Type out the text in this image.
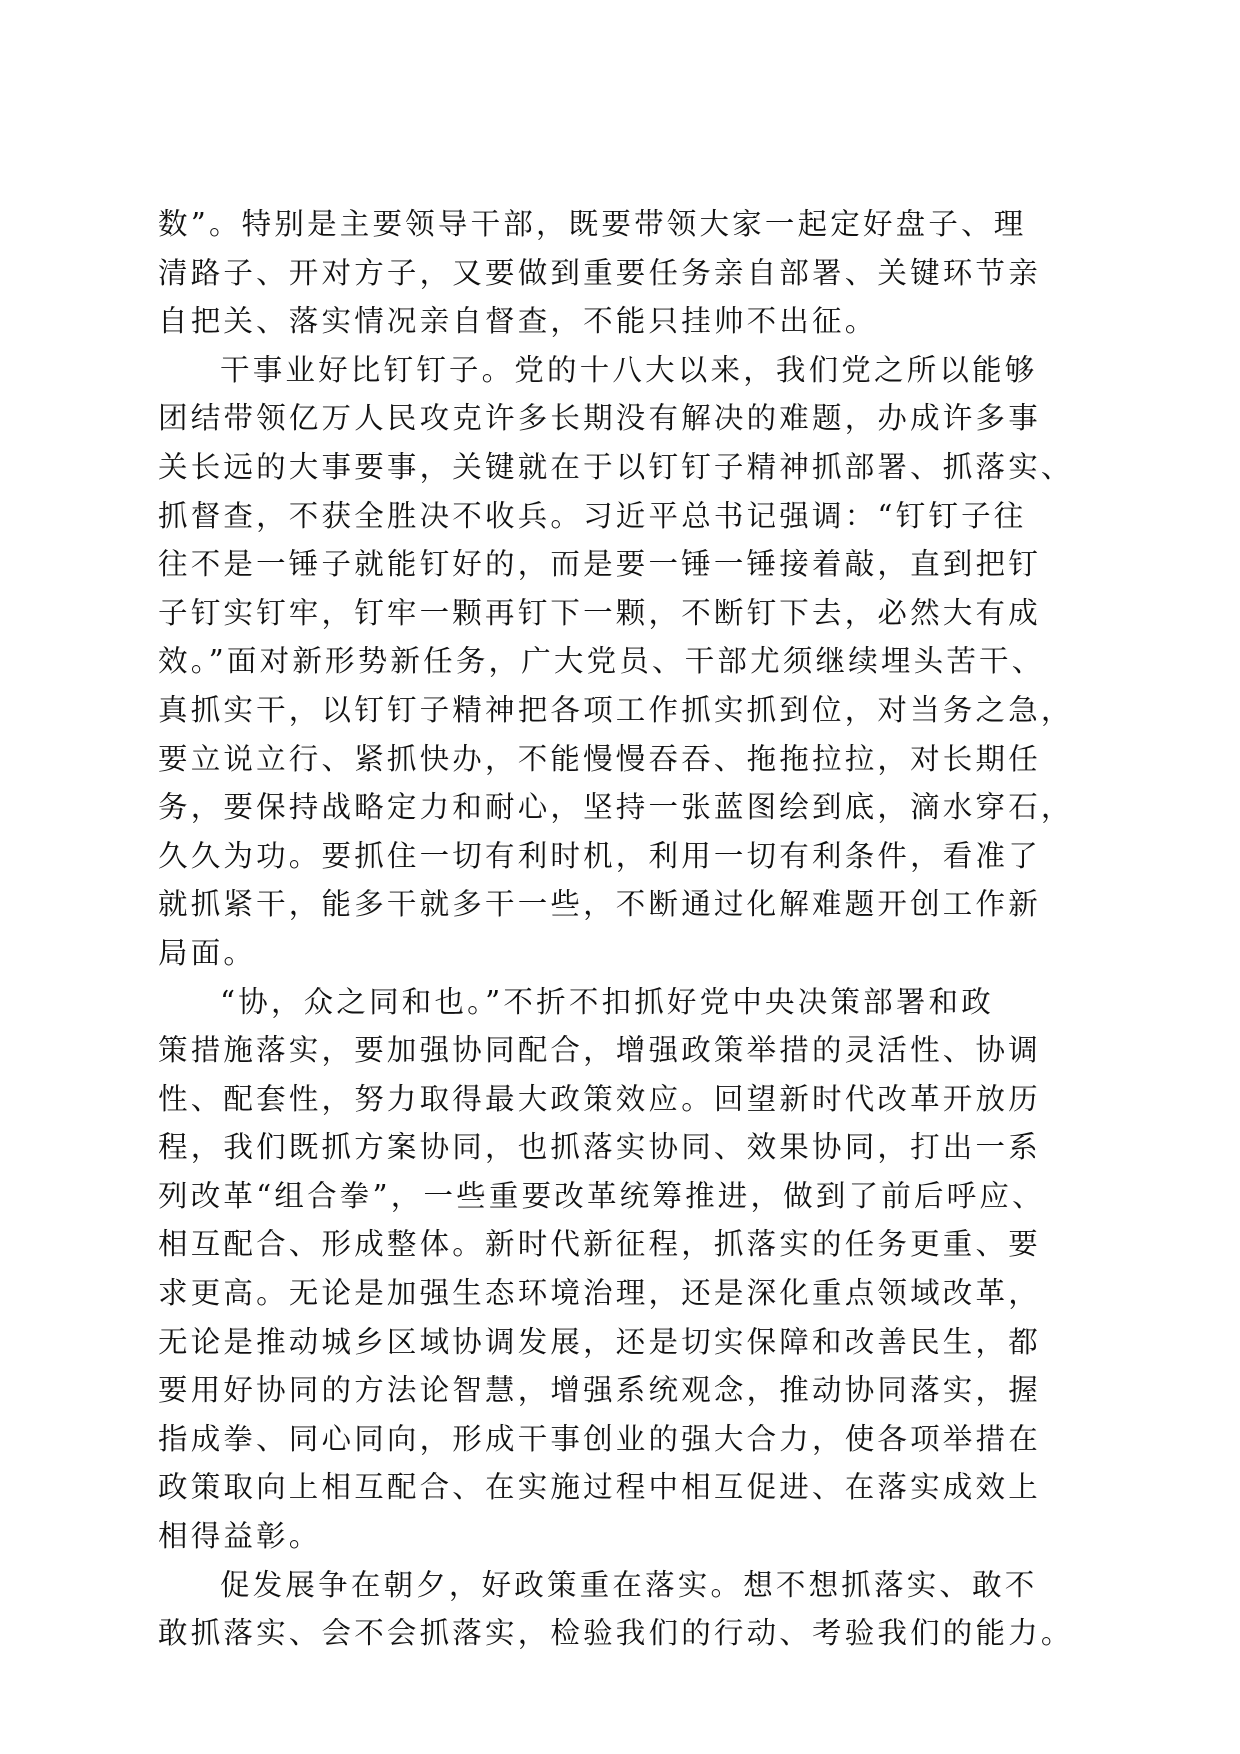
数”。特别是主要领导干部，既要带领大家一起定好盘子、理
清路子、开对方子，又要做到重要任务亲自部署、关键环节亲
自把关、落实情况亲自督查，不能只挂帅不出征。
干事业好比钉钉子。党的十八大以来，我们党之所以能够
团结带领亿万人民攻克许多长期没有解决的难题，办成许多事
关长远的大事要事，关键就在于以钉钉子精神抓部署、抓落实、
抓督查，不获全胜决不收兵。习近平总书记强调：“钉钉子往
往不是一锤子就能钉好的，而是要一锤一锤接着敲，直到把钉
子钉实钉牢，钉牢一颗再钉下一颗，不断钉下去，必然大有成
效。”面对新形势新任务，广大党员、干部尤须继续埋头苦干、
真抓实干，以钉钉子精神把各项工作抓实抓到位，对当务之急，
要立说立行、紧抓快办，不能慢慢吞吞、拖拖拉拉，对长期任
务，要保持战略定力和耐心，坚持一张蓝图绘到底，滴水穿石，
久久为功。要抓住一切有利时机，利用一切有利条件，看准了
就抓紧干，能多干就多干一些，不断通过化解难题开创工作新
局面。
“协，众之同和也。”不折不扣抓好党中央决策部署和政
策措施落实，要加强协同配合，增强政策举措的灵活性、协调
性、配套性，努力取得最大政策效应。回望新时代改革开放历
程，我们既抓方案协同，也抓落实协同、效果协同，打出一系
列改革“组合拳”，一些重要改革统筹推进，做到了前后呼应、
相互配合、形成整体。新时代新征程，抓落实的任务更重、要
求更高。无论是加强生态环境治理，还是深化重点领域改革，
无论是推动城乡区域协调发展，还是切实保障和改善民生，都
要用好协同的方法论智慧，增强系统观念，推动协同落实，握
指成拳、同心同向，形成干事创业的强大合力，使各项举措在
政策取向上相互配合、在实施过程中相互促进、在落实成效上
相得益彰。
促发展争在朝夕，好政策重在落实。想不想抓落实、敢不
敢抓落实、会不会抓落实，检验我们的行动、考验我们的能力。
